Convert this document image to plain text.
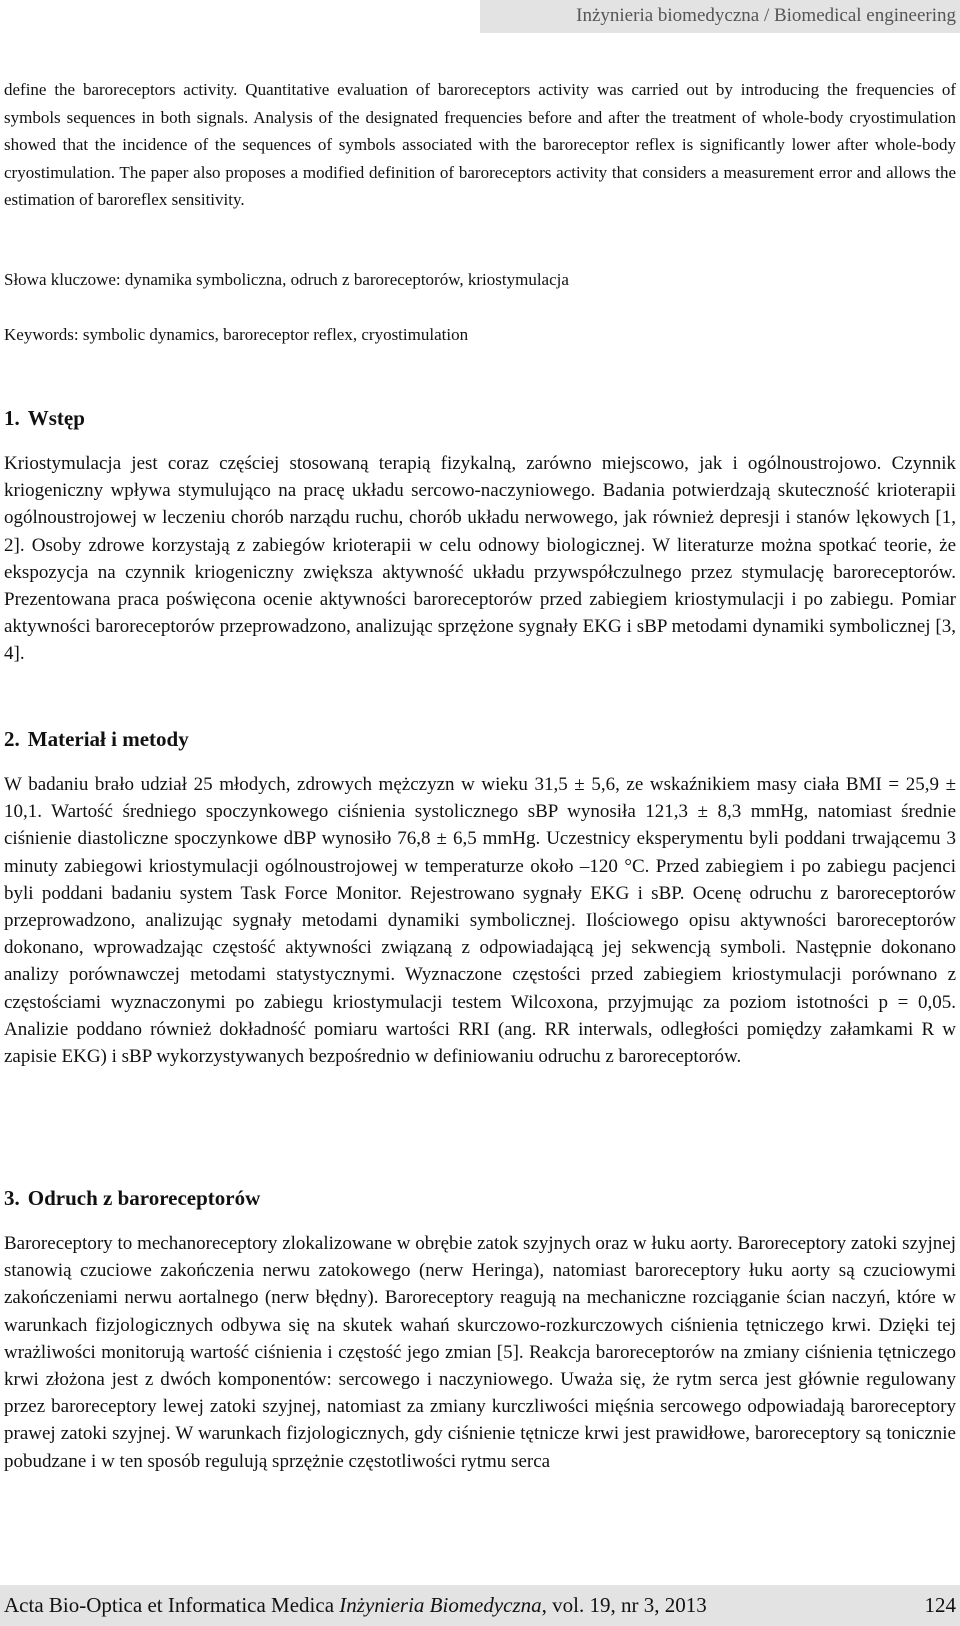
Inżynieria biomedyczna / Biomedical engineering

define the baroreceptors activity. Quantitative evaluation of baroreceptors activity was carried out by introducing the frequencies of symbols sequences in both signals. Analysis of the designated frequencies before and after the treatment of whole-body cryostimulation showed that the incidence of the sequences of symbols associated with the baroreceptor reflex is significantly lower after whole-body cryostimulation. The paper also proposes a modified definition of baroreceptors activity that considers a measurement error and allows the estimation of baroreflex sensitivity.

Słowa kluczowe: dynamika symboliczna, odruch z baroreceptorów, kriostymulacja

Keywords: symbolic dynamics, baroreceptor reflex, cryostimulation

1. Wstęp

Kriostymulacja jest coraz częściej stosowaną terapią fizykalną, zarówno miejscowo, jak i ogólnoustrojowo. Czynnik kriogeniczny wpływa stymulująco na pracę układu sercowo-naczyniowego. Badania potwierdzają skuteczność krioterapii ogólnoustrojowej w leczeniu chorób narządu ruchu, chorób układu nerwowego, jak również depresji i stanów lękowych [1, 2]. Osoby zdrowe korzystają z zabiegów krioterapii w celu odnowy biologicznej. W literaturze można spotkać teorie, że ekspozycja na czynnik kriogeniczny zwiększa aktywność układu przywspółczulnego przez stymulację baroreceptorów. Prezentowana praca poświęcona ocenie aktywności baroreceptorów przed zabiegiem kriostymulacji i po zabiegu. Pomiar aktywności baroreceptorów przeprowadzono, analizując sprzężone sygnały EKG i sBP metodami dynamiki symbolicznej [3, 4].

2. Materiał i metody

W badaniu brało udział 25 młodych, zdrowych mężczyzn w wieku 31,5 ± 5,6, ze wskaźnikiem masy ciała BMI = 25,9 ± 10,1. Wartość średniego spoczynkowego ciśnienia systolicznego sBP wynosiła 121,3 ± 8,3 mmHg, natomiast średnie ciśnienie diastoliczne spoczynkowe dBP wynosiło 76,8 ± 6,5 mmHg. Uczestnicy eksperymentu byli poddani trwającemu 3 minuty zabiegowi kriostymulacji ogólnoustrojowej w temperaturze około –120 °C. Przed zabiegiem i po zabiegu pacjenci byli poddani badaniu system Task Force Monitor. Rejestrowano sygnały EKG i sBP. Ocenę odruchu z baroreceptorów przeprowadzono, analizując sygnały metodami dynamiki symbolicznej. Ilościowego opisu aktywności baroreceptorów dokonano, wprowadzając częstość aktywności związaną z odpowiadającą jej sekwencją symboli. Następnie dokonano analizy porównawczej metodami statystycznymi. Wyznaczone częstości przed zabiegiem kriostymulacji porównano z częstościami wyznaczonymi po zabiegu kriostymulacji testem Wilcoxona, przyjmując za poziom istotności p = 0,05. Analizie poddano również dokładność pomiaru wartości RRI (ang. RR interwals, odległości pomiędzy załamkami R w zapisie EKG) i sBP wykorzystywanych bezpośrednio w definiowaniu odruchu z baroreceptorów.

3. Odruch z baroreceptorów

Baroreceptory to mechanoreceptory zlokalizowane w obrębie zatok szyjnych oraz w łuku aorty. Baroreceptory zatoki szyjnej stanowią czuciowe zakończenia nerwu zatokowego (nerw Heringa), natomiast baroreceptory łuku aorty są czuciowymi zakończeniami nerwu aortalnego (nerw błędny). Baroreceptory reagują na mechaniczne rozciąganie ścian naczyń, które w warunkach fizjologicznych odbywa się na skutek wahań skurczowo-rozkurczowych ciśnienia tętniczego krwi. Dzięki tej wrażliwości monitorują wartość ciśnienia i częstość jego zmian [5]. Reakcja baroreceptorów na zmiany ciśnienia tętniczego krwi złożona jest z dwóch komponentów: sercowego i naczyniowego. Uważa się, że rytm serca jest głównie regulowany przez baroreceptory lewej zatoki szyjnej, natomiast za zmiany kurczliwości mięśnia sercowego odpowiadają baroreceptory prawej zatoki szyjnej. W warunkach fizjologicznych, gdy ciśnienie tętnicze krwi jest prawidłowe, baroreceptory są tonicznie pobudzane i w ten sposób regulują sprzężnie częstotliwości rytmu serca

Acta Bio-Optica et Informatica Medica Inżynieria Biomedyczna, vol. 19, nr 3, 2013	124
